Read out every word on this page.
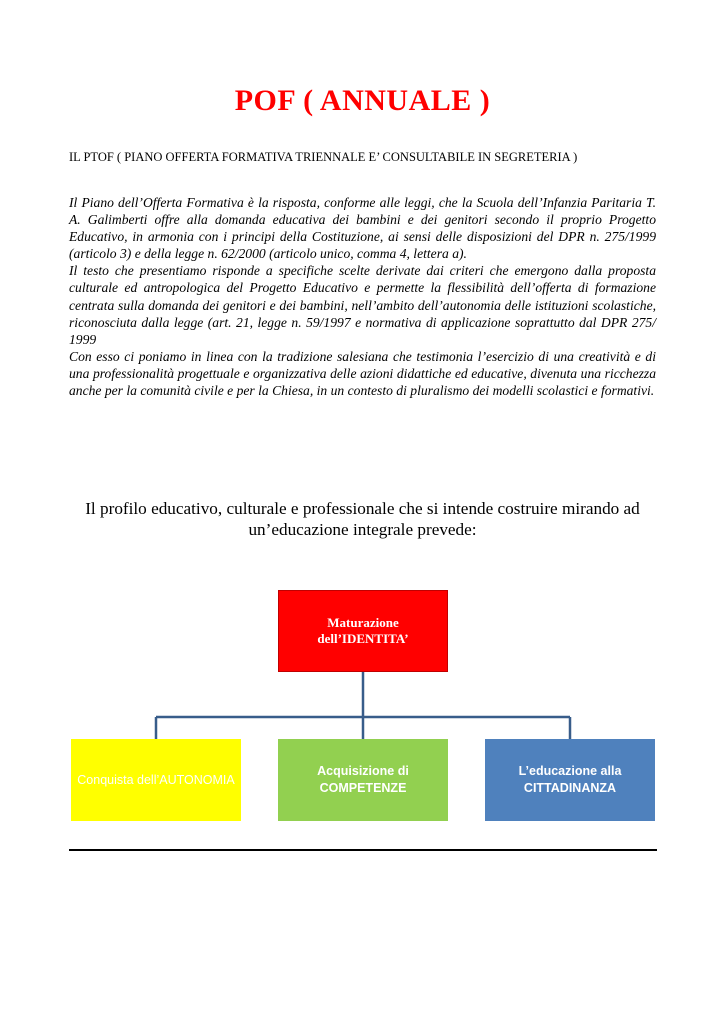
POF ( ANNUALE )
IL PTOF ( PIANO OFFERTA FORMATIVA TRIENNALE E’ CONSULTABILE IN SEGRETERIA )

Il Piano dell’Offerta Formativa è la risposta, conforme alle leggi, che la Scuola dell’Infanzia Paritaria T. A. Galimberti offre alla domanda educativa dei bambini e dei genitori secondo il proprio Progetto Educativo, in armonia con i principi della Costituzione, ai sensi delle disposizioni del DPR n. 275/1999 (articolo 3) e della legge n. 62/2000 (articolo unico, comma 4, lettera a).

Il testo che presentiamo risponde a specifiche scelte derivate dai criteri che emergono dalla proposta culturale ed antropologica del Progetto Educativo e permette la flessibilità dell’offerta di formazione centrata sulla domanda dei genitori e dei bambini, nell’ambito dell’autonomia delle istituzioni scolastiche, riconosciuta dalla legge (art. 21, legge n. 59/1997 e normativa di applicazione soprattutto dal DPR 275/ 1999

Con esso ci poniamo in linea con la tradizione salesiana che testimonia l’esercizio di una creatività e di una professionalità progettuale e organizzativa delle azioni didattiche ed educative, divenuta una ricchezza anche per la comunità civile e per la Chiesa, in un contesto di pluralismo dei modelli scolastici e formativi.

Il profilo educativo, culturale e professionale che si intende costruire mirando ad un’educazione integrale prevede:
Maturazione
dell’IDENTITA’
Conquista dell’AUTONOMIA
Acquisizione di
COMPETENZE
L’educazione alla
CITTADINANZA
